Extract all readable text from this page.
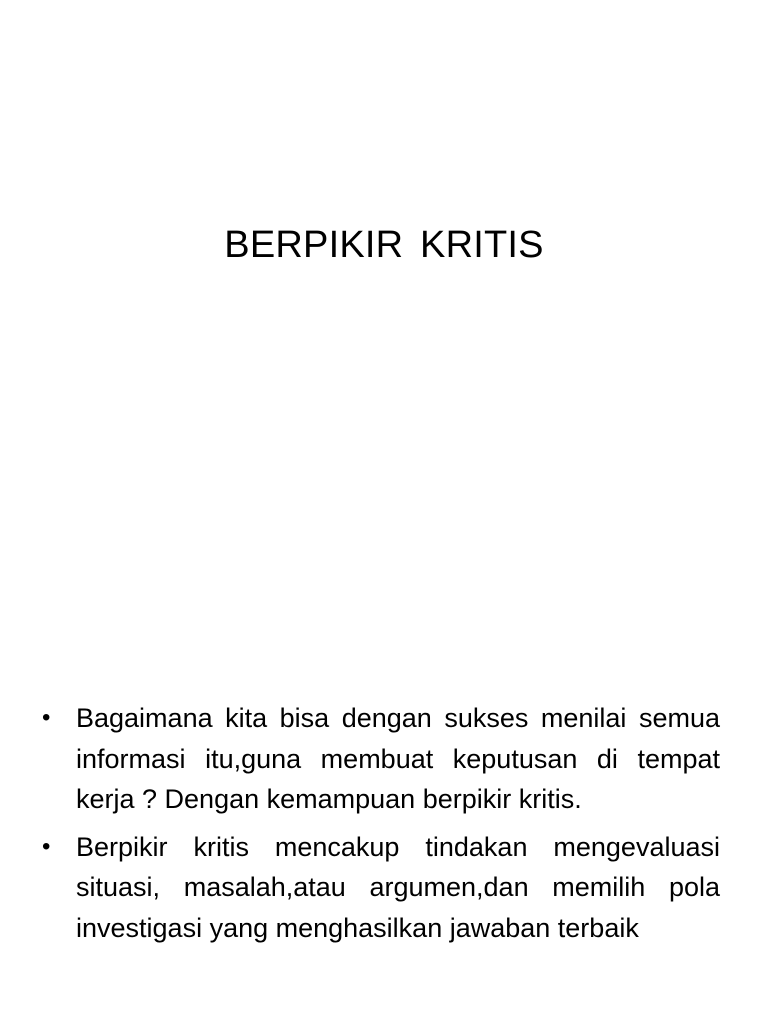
BERPIKIR KRITIS
• Bagaimana kita bisa dengan sukses menilai semua informasi itu,guna membuat keputusan di tempat kerja ? Dengan kemampuan berpikir kritis.
• Berpikir kritis mencakup tindakan mengevaluasi situasi, masalah,atau argumen,dan memilih pola investigasi yang menghasilkan jawaban terbaik
